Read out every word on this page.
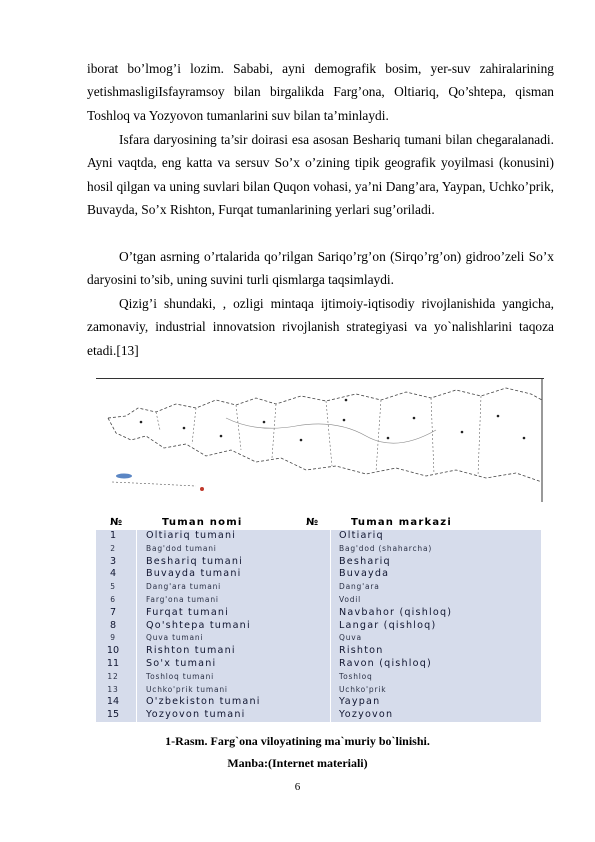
iborat bo’lmog’i lozim. Sababi, ayni demografik bosim, yer-suv zahiralarining yetishmasligiIsfayramsoy bilan birgalikda Farg’ona, Oltiariq, Qo’shtepa, qisman Toshloq va Yozyovon tumanlarini suv bilan ta’minlaydi.

Isfara daryosining ta’sir doirasi esa asosan Beshariq tumani bilan chegaralanadi. Ayni vaqtda, eng katta va sersuv So’x o’zining tipik geografik yoyilmasi (konusini) hosil qilgan va uning suvlari bilan Quqon vohasi, ya’ni Dang’ara, Yaypan, Uchko’prik, Buvayda, So’x Rishton, Furqat tumanlarining yerlari sug’oriladi.

O’tgan asrning o’rtalarida qo’rilgan Sariqo’rg’on (Sirqo’rg’on) gidroo’zeli So’x daryosini to’sib, uning suvini turli qismlarga taqsimlaydi.

Qizig’i shundaki, , ozligi mintaqa ijtimoiy-iqtisodiy rivojlanishida yangicha, zamonaviy, industrial innovatsion rivojlanish strategiyasi va yo`nalishlarini taqoza etadi.[13]

№	Tuman nomi	№	Tuman markazi
1	Oltiariq tumani	Oltiariq
2	Bag'dod tumani	Bag'dod (shaharcha)
3	Beshariq tumani	Beshariq
4	Buvayda tumani	Buvayda
5	Dang'ara tumani	Dang'ara
6	Farg'ona tumani	Vodil
7	Furqat tumani	Navbahor (qishloq)
8	Qo'shtepa tumani	Langar (qishloq)
9	Quva tumani	Quva
10	Rishton tumani	Rishton
11	So'x tumani	Ravon (qishloq)
12	Toshloq tumani	Toshloq
13	Uchko'prik tumani	Uchko'prik
14	O'zbekiston tumani	Yaypan
15	Yozyovon tumani	Yozyovon
1-Rasm. Farg`ona viloyatining ma`muriy bo`linishi.
Manba:(Internet materiali)
6
